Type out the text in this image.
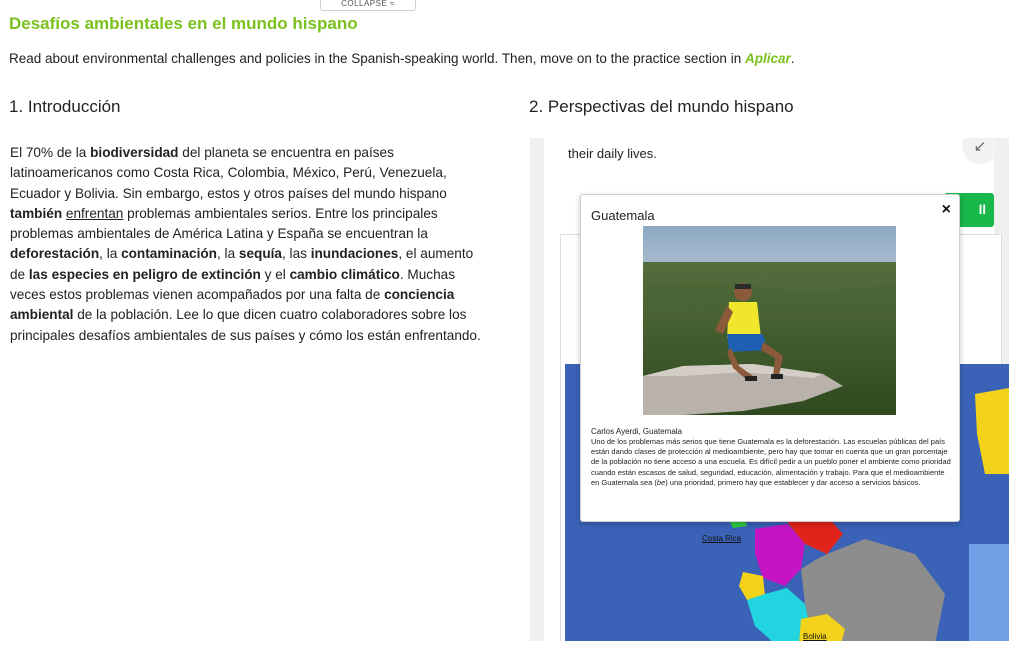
COLLAPSE ≈
Desafíos ambientales en el mundo hispano

Read about environmental challenges and policies in the Spanish-speaking world. Then, move on to the practice section in Aplicar.

1. Introducción	2. Perspectivas del mundo hispano

El 70% de la biodiversidad del planeta se encuentra en países latinoamericanos como Costa Rica, Colombia, México, Perú, Venezuela, Ecuador y Bolivia. Sin embargo, estos y otros países del mundo hispano también enfrentan problemas ambientales serios. Entre los principales problemas ambientales de América Latina y España se encuentran la deforestación, la contaminación, la sequía, las inundaciones, el aumento de las especies en peligro de extinción y el cambio climático. Muchas veces estos problemas vienen acompañados por una falta de conciencia ambiental de la población. Lee lo que dicen cuatro colaboradores sobre los principales desafíos ambientales de sus países y cómo los están enfrentando.

their daily lives.	↙
ll
Costa Rica
Bolivia
Guatemala	×

Carlos Ayerdi, Guatemala

Uno de los problemas más serios que tiene Guatemala es la deforestación. Las escuelas públicas del país están dando clases de protección al medioambiente, pero hay que tomar en cuenta que un gran porcentaje de la población no tiene acceso a una escuela. Es difícil pedir a un pueblo poner el ambiente como prioridad cuando están escasos de salud, seguridad, educación, alimentación y trabajo. Para que el medioambiente en Guatemala sea (be) una prioridad, primero hay que establecer y dar acceso a servicios básicos.
